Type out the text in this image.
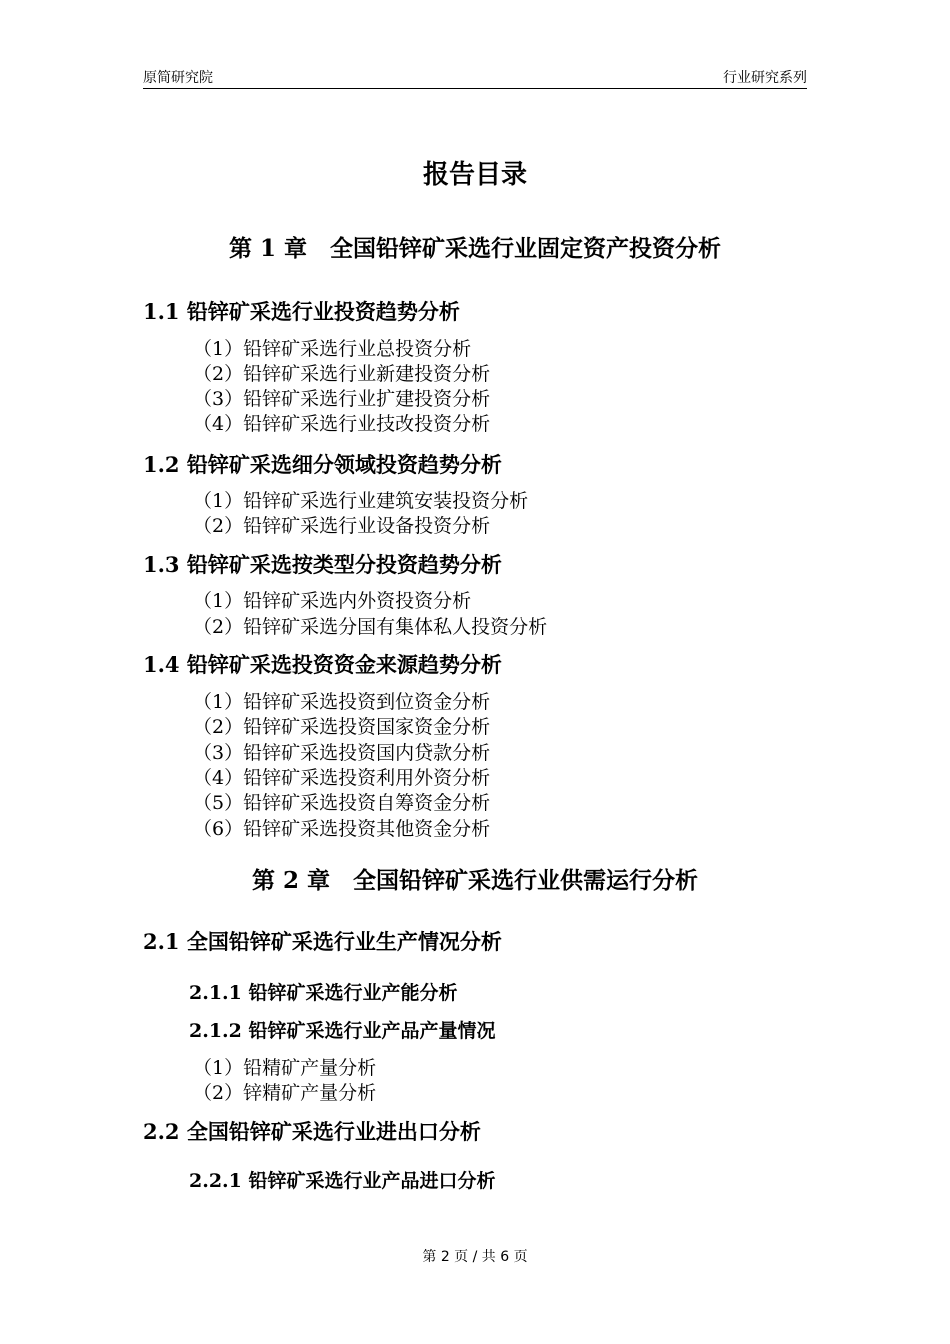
原简研究院	行业研究系列
报告目录
第 1 章　全国铅锌矿采选行业固定资产投资分析
1.1 铅锌矿采选行业投资趋势分析
（1）铅锌矿采选行业总投资分析
（2）铅锌矿采选行业新建投资分析
（3）铅锌矿采选行业扩建投资分析
（4）铅锌矿采选行业技改投资分析
1.2 铅锌矿采选细分领域投资趋势分析
（1）铅锌矿采选行业建筑安装投资分析
（2）铅锌矿采选行业设备投资分析
1.3 铅锌矿采选按类型分投资趋势分析
（1）铅锌矿采选内外资投资分析
（2）铅锌矿采选分国有集体私人投资分析
1.4 铅锌矿采选投资资金来源趋势分析
（1）铅锌矿采选投资到位资金分析
（2）铅锌矿采选投资国家资金分析
（3）铅锌矿采选投资国内贷款分析
（4）铅锌矿采选投资利用外资分析
（5）铅锌矿采选投资自筹资金分析
（6）铅锌矿采选投资其他资金分析
第 2 章　全国铅锌矿采选行业供需运行分析
2.1 全国铅锌矿采选行业生产情况分析
2.1.1 铅锌矿采选行业产能分析
2.1.2 铅锌矿采选行业产品产量情况
（1）铅精矿产量分析
（2）锌精矿产量分析
2.2 全国铅锌矿采选行业进出口分析
2.2.1 铅锌矿采选行业产品进口分析
第 2 页 / 共 6 页
